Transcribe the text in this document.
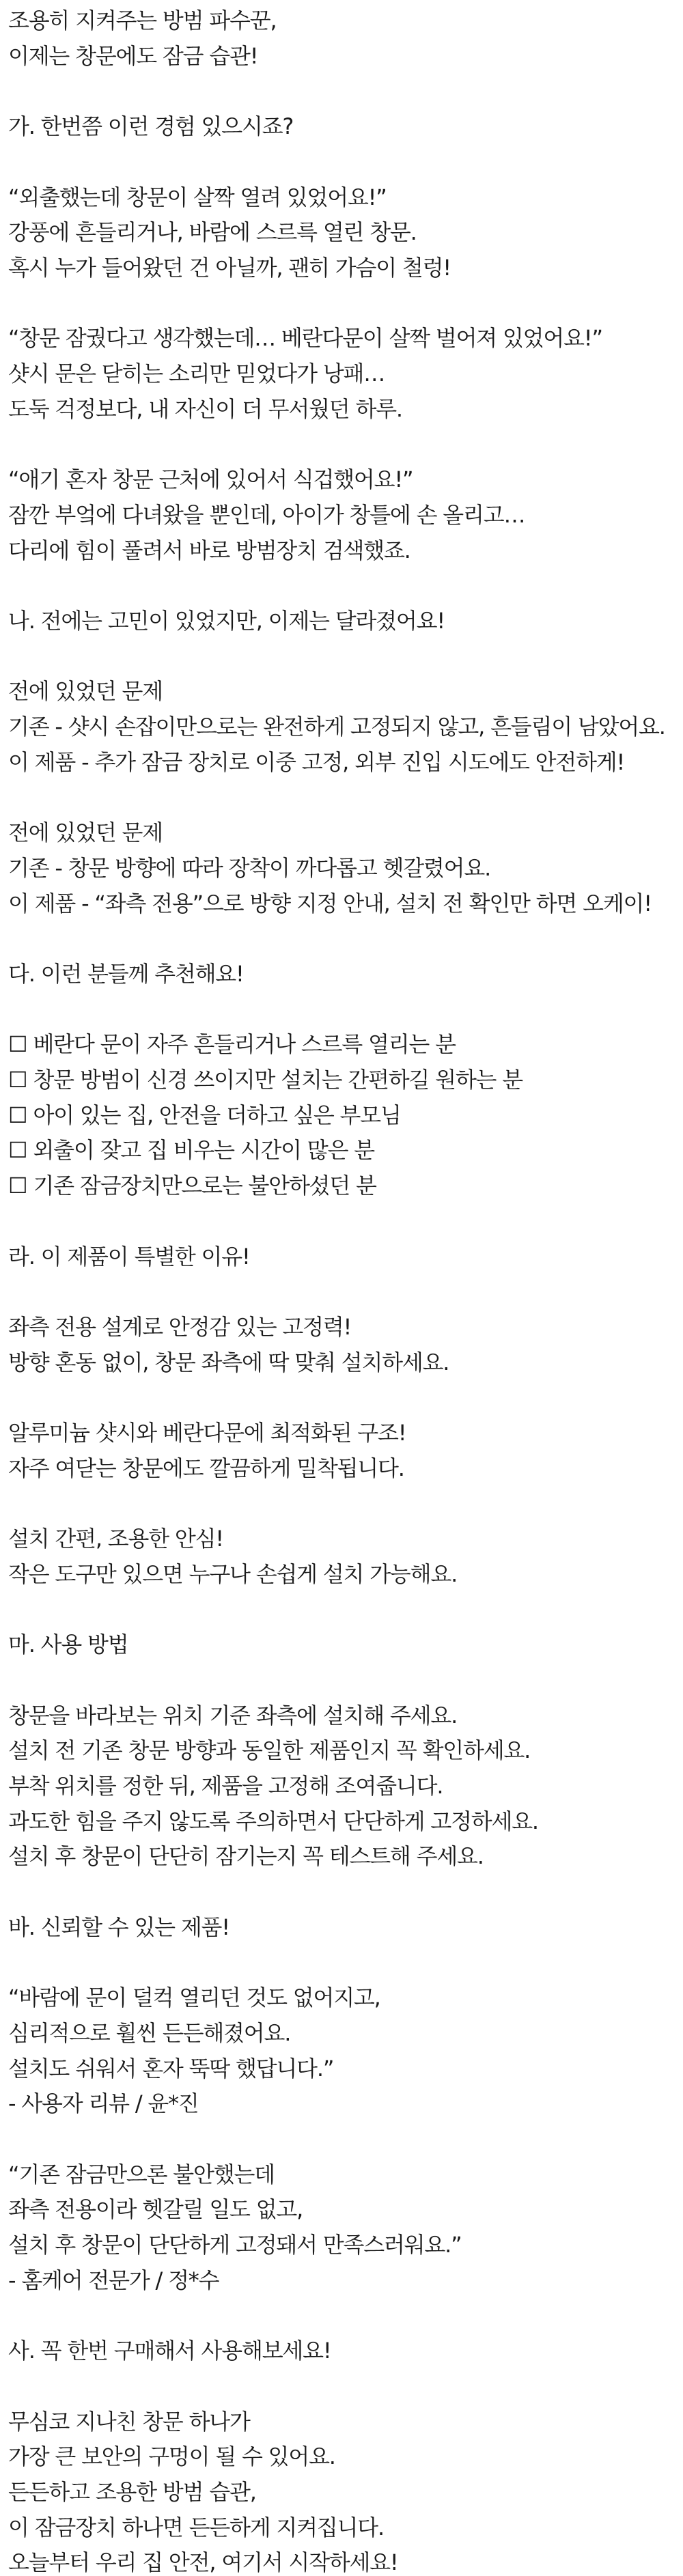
조용히 지켜주는 방범 파수꾼,
이제는 창문에도 잠금 습관!
가. 한번쯤 이런 경험 있으시죠?
“외출했는데 창문이 살짝 열려 있었어요!”
강풍에 흔들리거나, 바람에 스르륵 열린 창문.
혹시 누가 들어왔던 건 아닐까, 괜히 가슴이 철렁!
“창문 잠궜다고 생각했는데… 베란다문이 살짝 벌어져 있었어요!”
샷시 문은 닫히는 소리만 믿었다가 낭패…
도둑 걱정보다, 내 자신이 더 무서웠던 하루.
“애기 혼자 창문 근처에 있어서 식겁했어요!”
잠깐 부엌에 다녀왔을 뿐인데, 아이가 창틀에 손 올리고…
다리에 힘이 풀려서 바로 방범장치 검색했죠.
나. 전에는 고민이 있었지만, 이제는 달라졌어요!
전에 있었던 문제
기존 - 샷시 손잡이만으로는 완전하게 고정되지 않고, 흔들림이 남았어요.
이 제품 - 추가 잠금 장치로 이중 고정, 외부 진입 시도에도 안전하게!
전에 있었던 문제
기존 - 창문 방향에 따라 장착이 까다롭고 헷갈렸어요.
이 제품 - “좌측 전용”으로 방향 지정 안내, 설치 전 확인만 하면 오케이!
다. 이런 분들께 추천해요!
☐ 베란다 문이 자주 흔들리거나 스르륵 열리는 분
☐ 창문 방범이 신경 쓰이지만 설치는 간편하길 원하는 분
☐ 아이 있는 집, 안전을 더하고 싶은 부모님
☐ 외출이 잦고 집 비우는 시간이 많은 분
☐ 기존 잠금장치만으로는 불안하셨던 분
라. 이 제품이 특별한 이유!
좌측 전용 설계로 안정감 있는 고정력!
방향 혼동 없이, 창문 좌측에 딱 맞춰 설치하세요.
알루미늄 샷시와 베란다문에 최적화된 구조!
자주 여닫는 창문에도 깔끔하게 밀착됩니다.
설치 간편, 조용한 안심!
작은 도구만 있으면 누구나 손쉽게 설치 가능해요.
마. 사용 방법
창문을 바라보는 위치 기준 좌측에 설치해 주세요.
설치 전 기존 창문 방향과 동일한 제품인지 꼭 확인하세요.
부착 위치를 정한 뒤, 제품을 고정해 조여줍니다.
과도한 힘을 주지 않도록 주의하면서 단단하게 고정하세요.
설치 후 창문이 단단히 잠기는지 꼭 테스트해 주세요.
바. 신뢰할 수 있는 제품!
“바람에 문이 덜컥 열리던 것도 없어지고,
심리적으로 훨씬 든든해졌어요.
설치도 쉬워서 혼자 뚝딱 했답니다.”
- 사용자 리뷰 / 윤*진
“기존 잠금만으론 불안했는데
좌측 전용이라 헷갈릴 일도 없고,
설치 후 창문이 단단하게 고정돼서 만족스러워요.”
- 홈케어 전문가 / 정*수
사. 꼭 한번 구매해서 사용해보세요!
무심코 지나친 창문 하나가
가장 큰 보안의 구멍이 될 수 있어요.
든든하고 조용한 방범 습관,
이 잠금장치 하나면 든든하게 지켜집니다.
오늘부터 우리 집 안전, 여기서 시작하세요!
